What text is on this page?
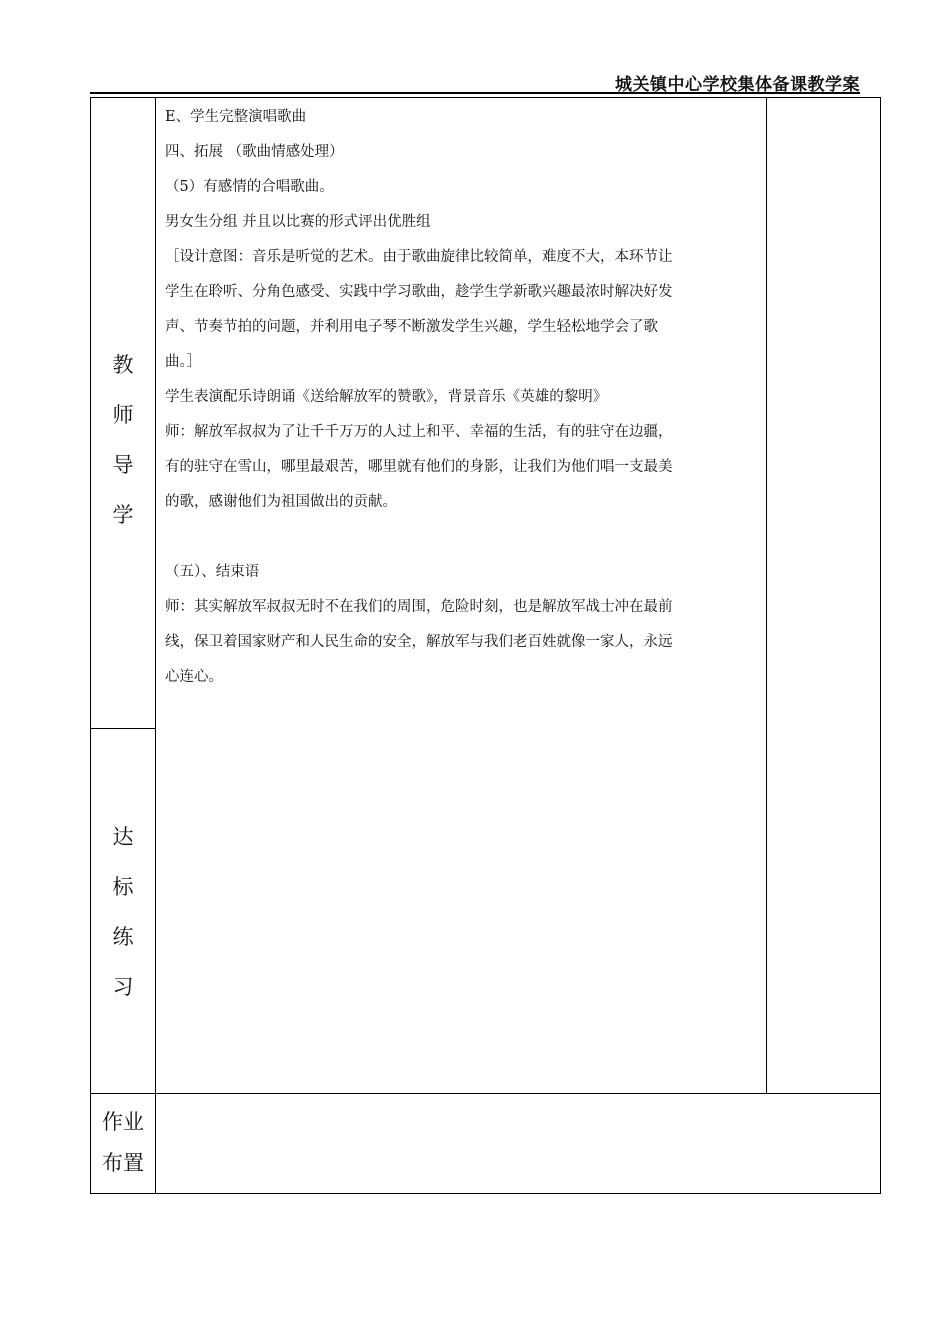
城关镇中心学校集体备课教学案
教
师
导
学
达
标
练
习
作业
布置

E、学生完整演唱歌曲

四、拓展 （歌曲情感处理）

（5）有感情的合唱歌曲。

男女生分组 并且以比赛的形式评出优胜组

［设计意图：音乐是听觉的艺术。由于歌曲旋律比较简单，难度不大，本环节让

学生在聆听、分角色感受、实践中学习歌曲，趁学生学新歌兴趣最浓时解决好发

声、节奏节拍的问题，并利用电子琴不断激发学生兴趣，学生轻松地学会了歌

曲。］

学生表演配乐诗朗诵《送给解放军的赞歌》，背景音乐《英雄的黎明》

师：解放军叔叔为了让千千万万的人过上和平、幸福的生活，有的驻守在边疆，

有的驻守在雪山，哪里最艰苦，哪里就有他们的身影，让我们为他们唱一支最美

的歌，感谢他们为祖国做出的贡献。

（五）、结束语

师：其实解放军叔叔无时不在我们的周围，危险时刻，也是解放军战士冲在最前

线，保卫着国家财产和人民生命的安全，解放军与我们老百姓就像一家人，永远

心连心。
